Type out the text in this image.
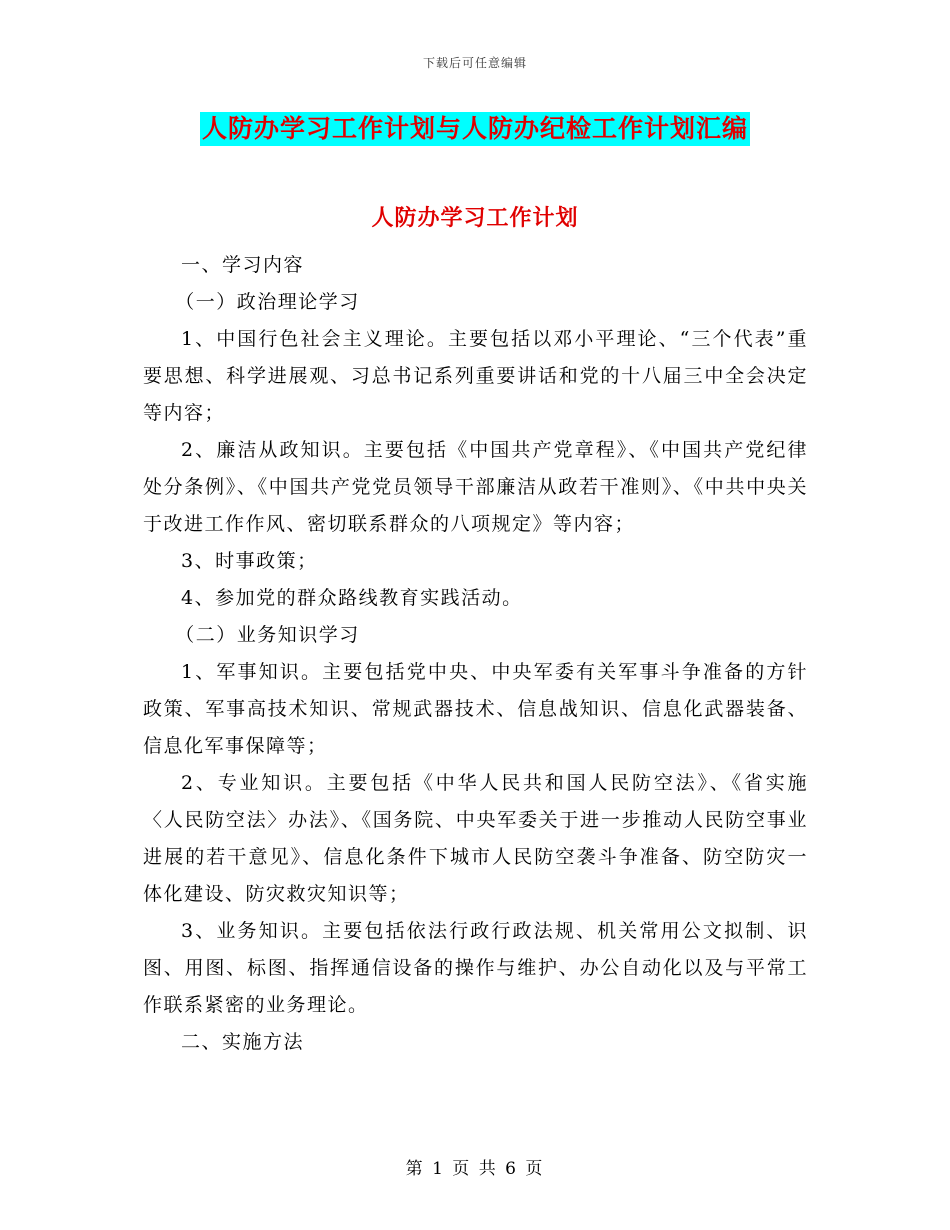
下载后可任意编辑
人防办学习工作计划与人防办纪检工作计划汇编
人防办学习工作计划

一、学习内容

（一）政治理论学习

1、中国行色社会主义理论。主要包括以邓小平理论、“三个代表”重要思想、科学进展观、习总书记系列重要讲话和党的十八届三中全会决定等内容；

2、廉洁从政知识。主要包括《中国共产党章程》、《中国共产党纪律处分条例》、《中国共产党党员领导干部廉洁从政若干准则》、《中共中央关于改进工作作风、密切联系群众的八项规定》等内容；

3、时事政策；

4、参加党的群众路线教育实践活动。

（二）业务知识学习

1、军事知识。主要包括党中央、中央军委有关军事斗争准备的方针政策、军事高技术知识、常规武器技术、信息战知识、信息化武器装备、信息化军事保障等；

2、专业知识。主要包括《中华人民共和国人民防空法》、《省实施〈人民防空法〉办法》、《国务院、中央军委关于进一步推动人民防空事业进展的若干意见》、信息化条件下城市人民防空袭斗争准备、防空防灾一体化建设、防灾救灾知识等；

3、业务知识。主要包括依法行政行政法规、机关常用公文拟制、识图、用图、标图、指挥通信设备的操作与维护、办公自动化以及与平常工作联系紧密的业务理论。

二、实施方法

第 1 页 共 6 页
